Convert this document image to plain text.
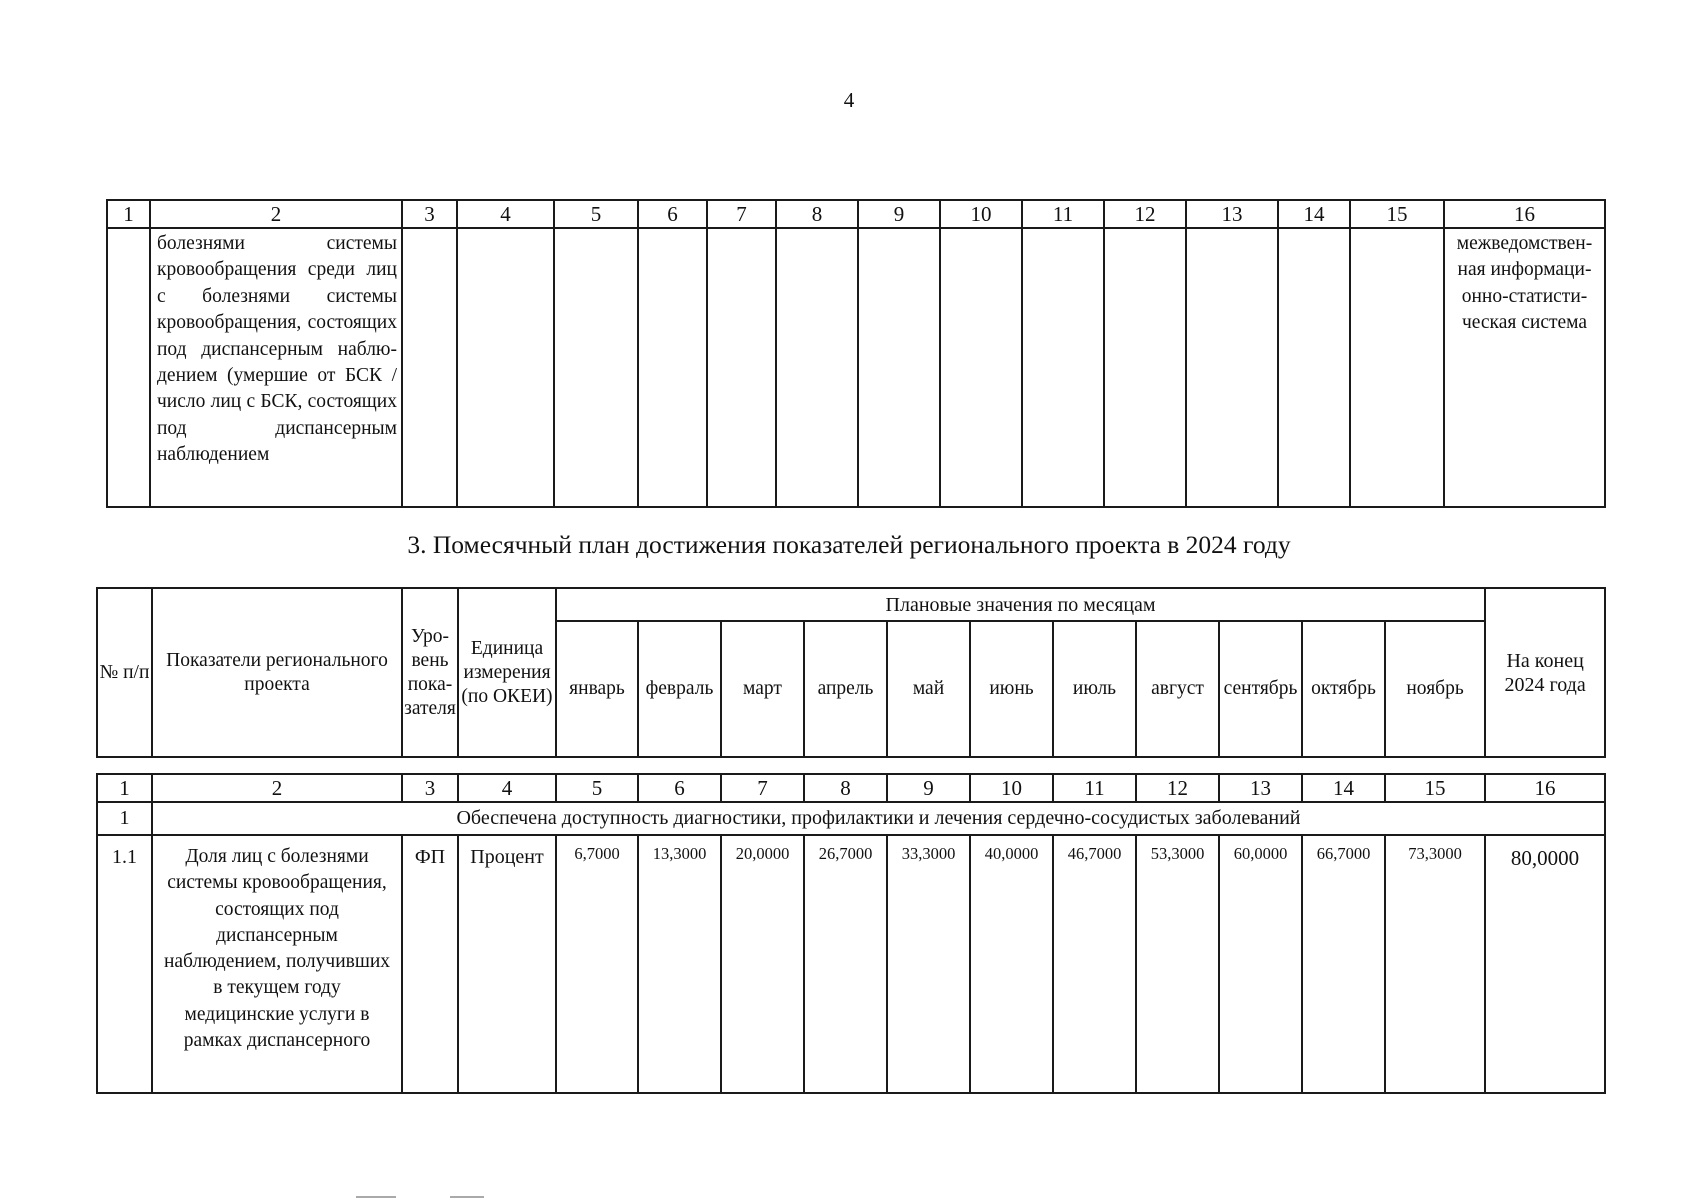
4
1	2	3	4	5	6	7	8	9	10	11	12	13	14	15	16
	болезнями системы кровообращения среди лиц с болезнями системы кровообращения, состоящих под диспансерным наблюдением (умершие от БСК / число лиц с БСК, состоящих под диспансерным наблюдением														межведомственная информационно-статистическая система
3. Помесячный план достижения показателей регионального проекта в 2024 году
№ п/п	Показатели регионального проекта	Уровень показателя	Единица измерения (по ОКЕИ)	Плановые значения по месяцам											На конец 2024 года
				январь	февраль	март	апрель	май	июнь	июль	август	сентябрь	октябрь	ноябрь	
1	2	3	4	5	6	7	8	9	10	11	12	13	14	15	16
1	Обеспечена доступность диагностики, профилактики и лечения сердечно-сосудистых заболеваний														
1.1	Доля лиц с болезнями системы кровообращения, состоящих под диспансерным наблюдением, получивших в текущем году медицинские услуги в рамках диспансерного	ФП	Процент	6,7000	13,3000	20,0000	26,7000	33,3000	40,0000	46,7000	53,3000	60,0000	66,7000	73,3000	80,0000
